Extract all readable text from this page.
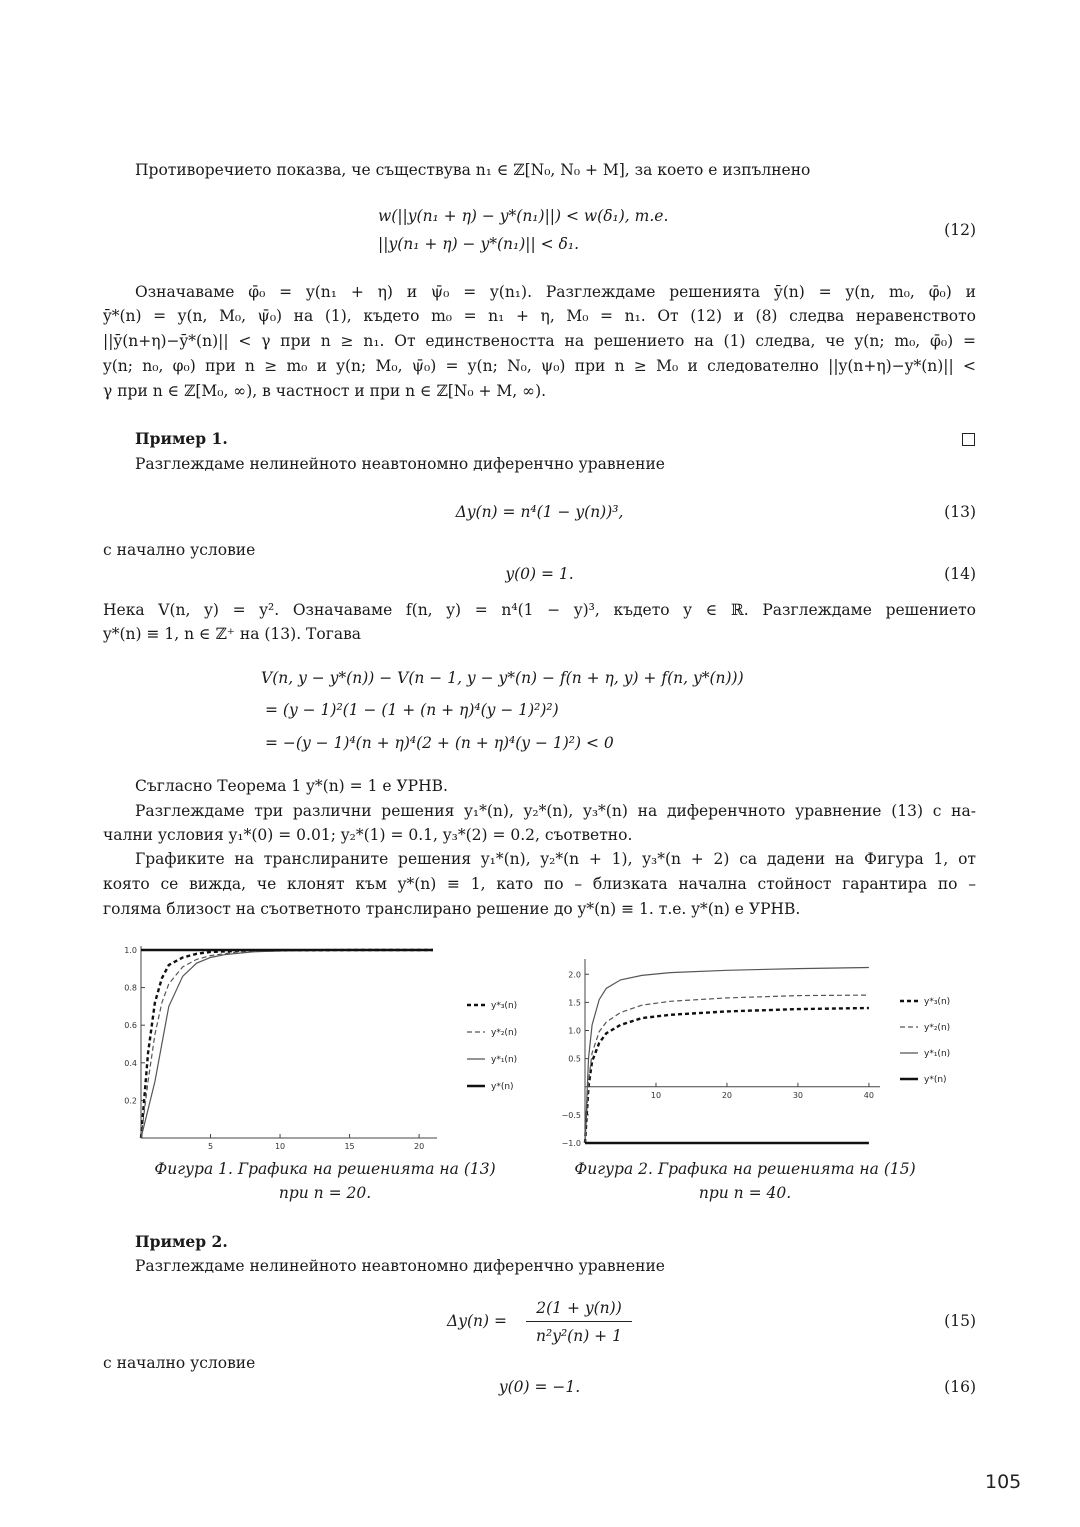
Противоречието показва, че съществува n₁ ∈ ℤ[N₀, N₀ + M], за което е изпълнено
w(||y(n₁ + η) − y*(n₁)||) < w(δ₁), т.е.
||y(n₁ + η) − y*(n₁)|| < δ₁.
(12)
Означаваме φ̄₀ = y(n₁ + η) и ψ̄₀ = y(n₁). Разглеждаме решенията ȳ(n) = y(n, m₀, φ̄₀) и
ȳ*(n) = y(n, M₀, ψ̄₀) на (1), където m₀ = n₁ + η, M₀ = n₁. От (12) и (8) следва неравенството
||ȳ(n+η)−ȳ*(n)|| < γ при n ≥ n₁. От единствеността на решението на (1) следва, че y(n; m₀, φ̄₀) =
y(n; n₀, φ₀) при n ≥ m₀ и y(n; M₀, ψ̄₀) = y(n; N₀, ψ₀) при n ≥ M₀ и следователно ||y(n+η)−y*(n)|| <
γ при n ∈ ℤ[M₀, ∞), в частност и при n ∈ ℤ[N₀ + M, ∞).
Пример 1.
Разглеждаме нелинейното неавтономно диференчно уравнение
Δy(n) = n⁴(1 − y(n))³,	(13)
с начално условие
y(0) = 1.	(14)
Нека V(n, y) = y². Означаваме f(n, y) = n⁴(1 − y)³, където y ∈ ℝ. Разглеждаме решението
y*(n) ≡ 1, n ∈ ℤ⁺ на (13). Тогава
V(n, y − y*(n)) − V(n − 1, y − y*(n) − f(n + η, y) + f(n, y*(n)))
= (y − 1)²(1 − (1 + (n + η)⁴(y − 1)²)²)
= −(y − 1)⁴(n + η)⁴(2 + (n + η)⁴(y − 1)²) < 0
Съгласно Теорема 1 y*(n) = 1 е УРНВ.
Разглеждаме три различни решения y₁*(n), y₂*(n), y₃*(n) на диференчното уравнение (13) с на-
чални условия y₁*(0) = 0.01; y₂*(1) = 0.1, y₃*(2) = 0.2, съответно.
Графиките на транслираните решения y₁*(n), y₂*(n + 1), y₃*(n + 2) са дадени на Фигура 1, от
която се вижда, че клонят към y*(n) ≡ 1, като по – близката начална стойност гарантира по –
голяма близост на съответното транслирано решение до y*(n) ≡ 1. т.е. y*(n) е УРНВ.
5	10	15	20
0.2
0.4
0.6
0.8
1.0
y*₃(n)
y*₂(n)
y*₁(n)
y*(n)
Фигура 1. Графика на решенията на (13)
при n = 20.
10	20	30	40
−1.0
−0.5
0.5
1.0
1.5
2.0
y*₃(n)
y*₂(n)
y*₁(n)
y*(n)
Фигура 2. Графика на решенията на (15)
при n = 40.
Пример 2.
Разглеждаме нелинейното неавтономно диференчно уравнение
Δy(n) =
2(1 + y(n))
n²y²(n) + 1
(15)
с начално условие
y(0) = −1.	(16)
105
